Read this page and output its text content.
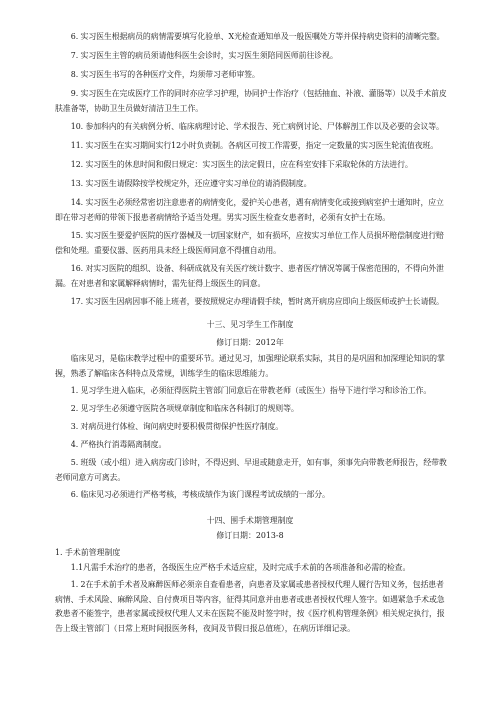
6. 实习医生根据病员的病情需要填写化验单、X光检查通知单及一般医嘱处方等并保持病史资料的清晰完整。
7. 实习医生主管的病员须请他科医生会诊时，实习医生须陪同医师前往诊视。
8. 实习医生书写的各种医疗文件，均须带习老师审签。
9. 实习医生在完成医疗工作的同时亦应学习护理，协同护士作治疗（包括抽血、补液、灌肠等）以及手术前皮肤准备等，协助卫生员做好清洁卫生工作。
10. 参加科内的有关病例分析、临床病理讨论、学术报告、死亡病例讨论、尸体解剖工作以及必要的会议等。
11. 实习医生在实习期间实行12小时负责制。各病区可按工作需要，指定一定数量的实习医生轮流值夜班。
12. 实习医生的休息时间和假日规定：实习医生的法定假日，应在科室安排下采取轮休的方法进行。
13. 实习医生请假除按学校规定外，还应遵守实习单位的请消假制度。
14. 实习医生必须经常密切注意患者的病情变化，爱护关心患者，遇有病情变化或接到病室护士通知时，应立即在带习老师的带领下报患者病情给予适当处理。男实习医生检查女患者时，必须有女护士在场。
15. 实习医生要爱护医院的医疗器械及一切国家财产，如有损坏，应按实习单位工作人员损坏赔偿制度进行赔偿和处理。重要仪器、医药用具未经上级医师同意不得擅自动用。
16. 对实习医院的组织、设备、科研成就及有关医疗统计数字、患者医疗情况等属于保密范围的，不得向外泄漏。在对患者和家属解释病情时，需先征得上级医生的同意。
17. 实习医生因病因事不能上班者，要按照规定办理请假手续，暂时离开病房应即向上级医师或护士长请假。
十三、见习学生工作制度
修订日期：2012年
临床见习，是临床教学过程中的重要环节。通过见习，加强理论联系实际，其目的是巩固和加深理论知识的掌握，熟悉了解临床各科特点及常规，训练学生的临床思维能力。
1. 见习学生进入临床，必须征得医院主管部门同意后在带教老师（或医生）指导下进行学习和诊治工作。
2. 见习学生必须遵守医院各项规章制度和临床各科制订的规则等。
3. 对病员进行体检、询问病史时要积极贯彻保护性医疗制度。
4. 严格执行消毒隔离制度。
5. 班级（或小组）进入病房或门诊时，不得迟到、早退或随意走开，如有事，须事先向带教老师报告，经带教老师同意方可离去。
6. 临床见习必须进行严格考核，考核成绩作为该门课程考试成绩的一部分。
十四、围手术期管理制度
修订日期：2013-8
1. 手术前管理制度
1.1凡需手术治疗的患者，各级医生应严格手术适应症，及时完成手术前的各项准备和必需的检查。
1. 2在手术前手术者及麻醉医师必须亲自查看患者，向患者及家属或患者授权代理人履行告知义务，包括患者病情、手术风险、麻醉风险、自付费项目等内容，征得其同意并由患者或患者授权代理人签字。如遇紧急手术或急救患者不能签字，患者家属或授权代理人又未在医院不能及时签字时，按《医疗机构管理条例》相关规定执行，报告上级主管部门（日常上班时间报医务科，夜间及节假日报总值班），在病历详细记录。
